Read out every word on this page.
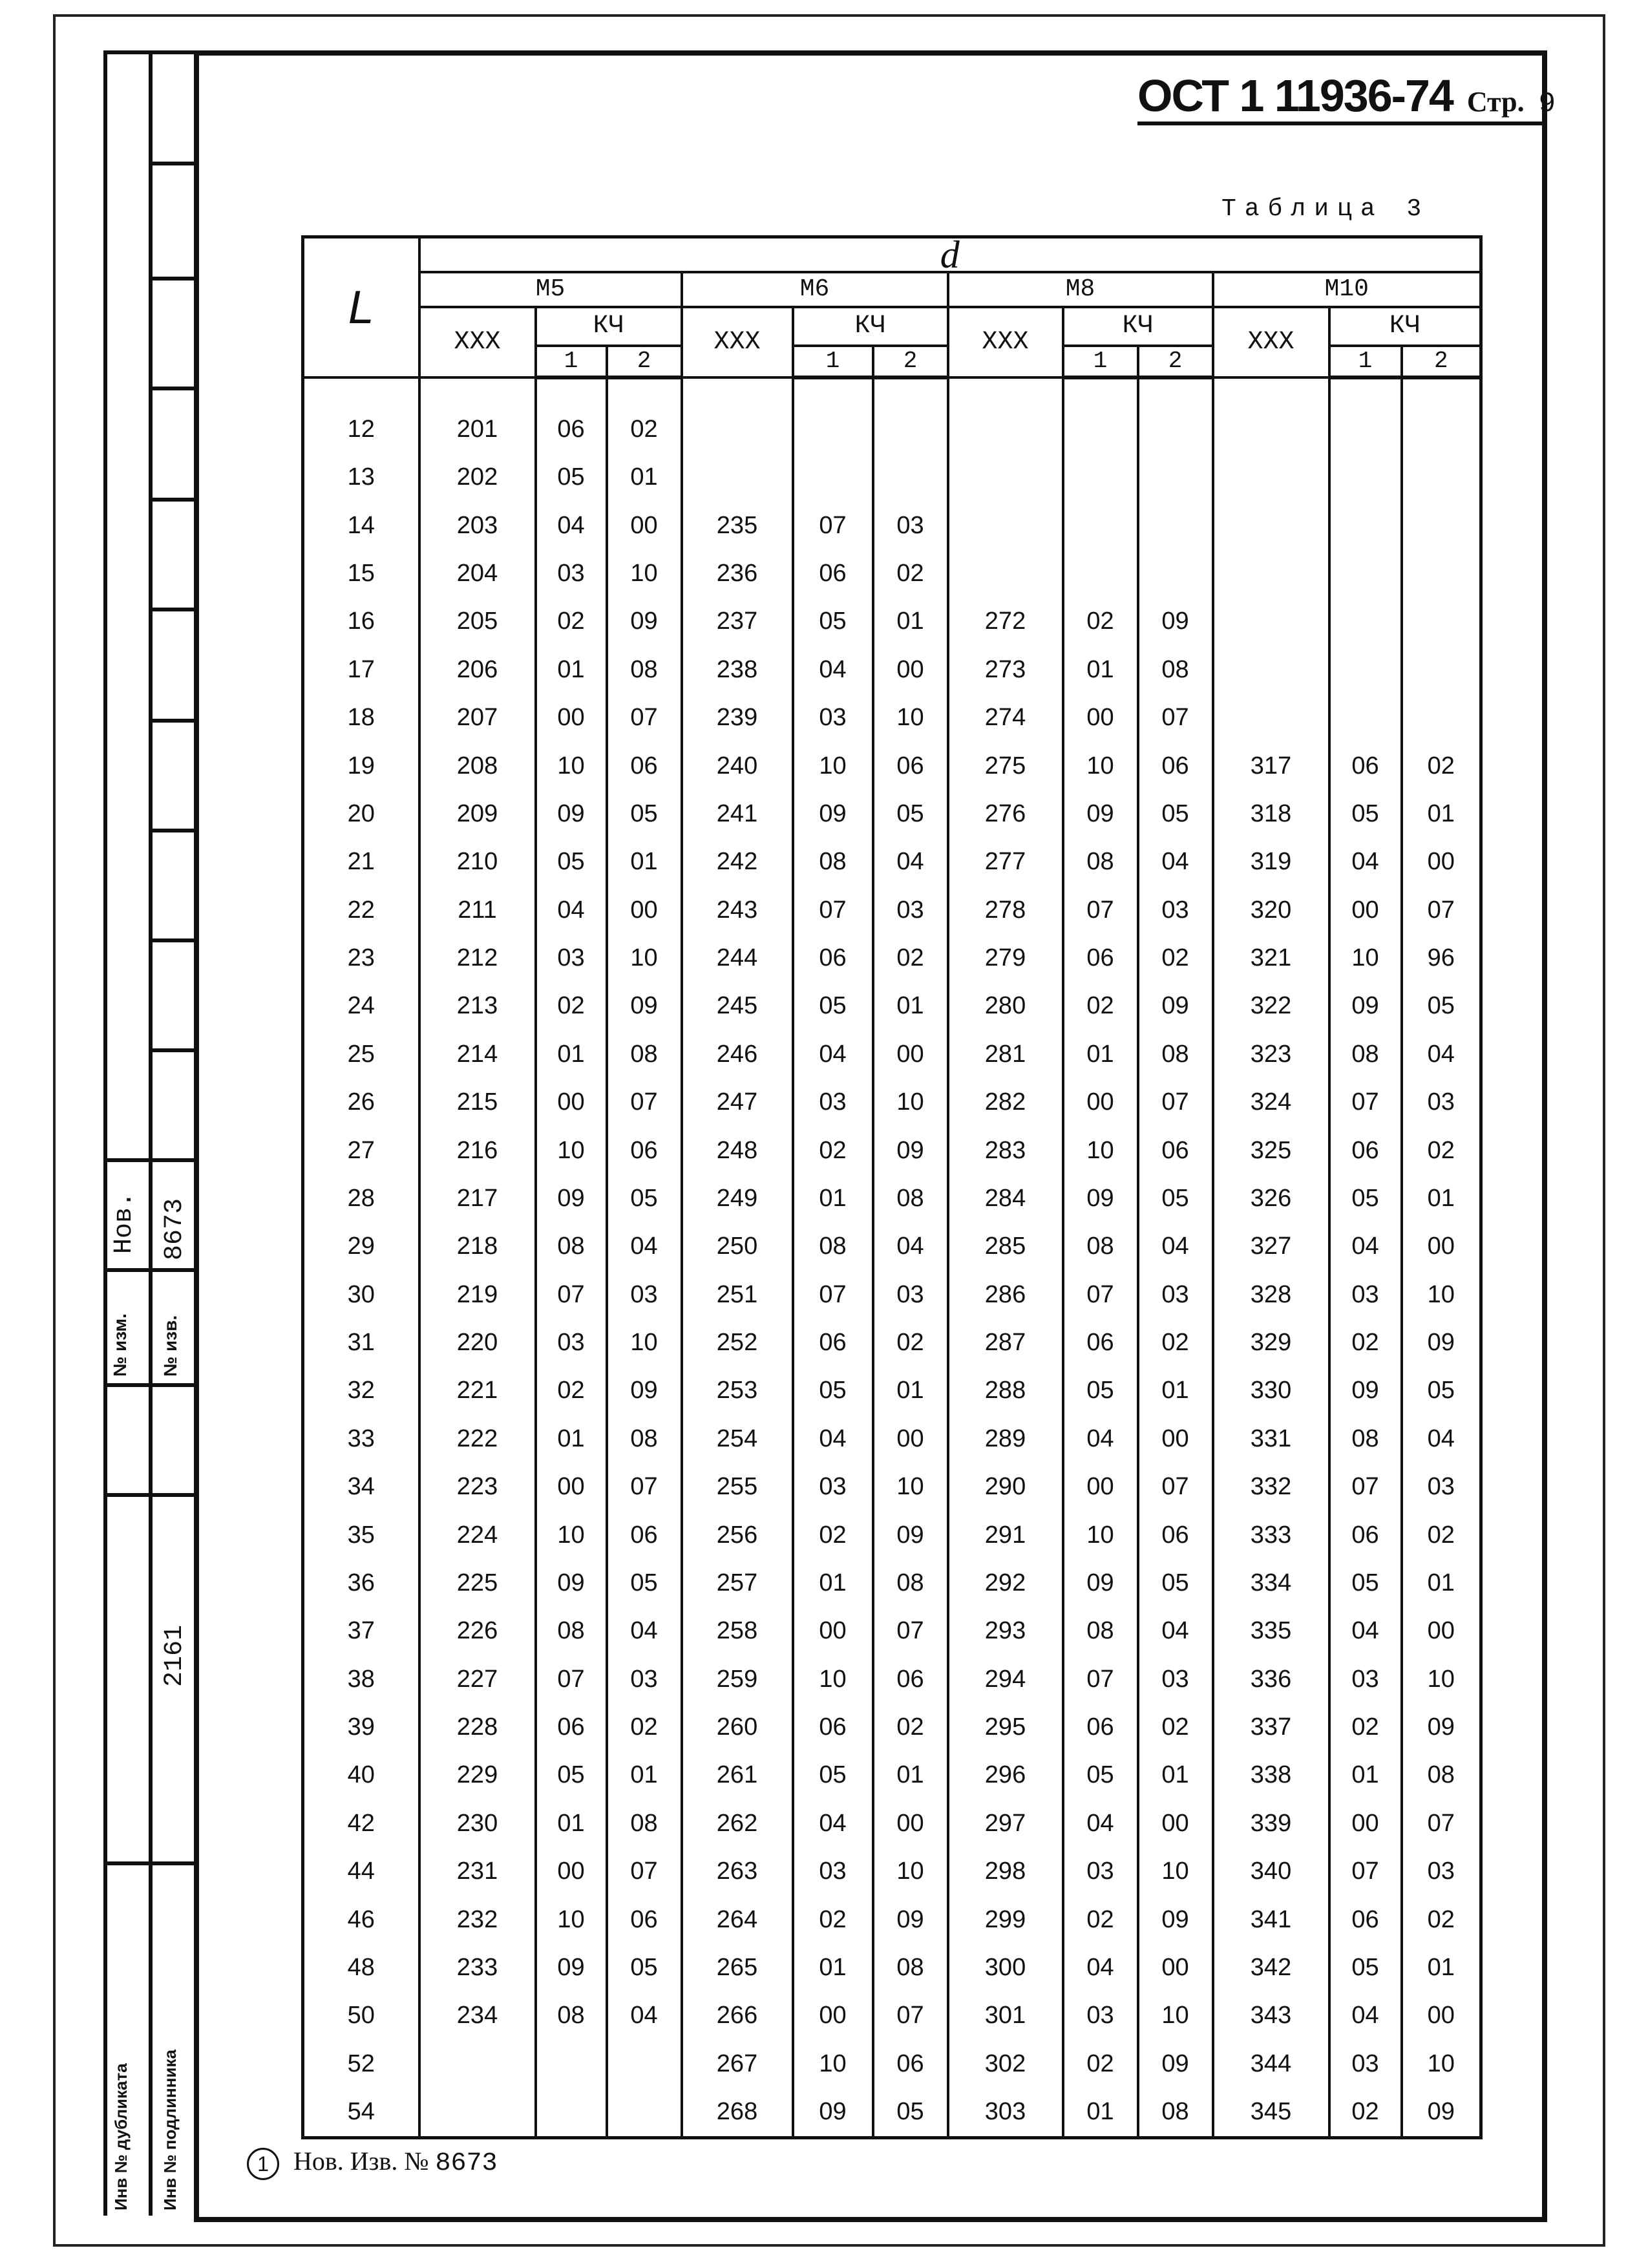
№ изм.
Нов.
№ изв.
8673
2161
Инв № дубликата Инв № подлинника
ОСТ 1 11936-74 Стр. 9
Таблица 3
L	d											
	M5			M6			M8			M10		
	XXX	КЧ		XXX	КЧ		XXX	КЧ		XXX	КЧ	
		1	2		1	2		1	2		1	2

12	201	06	02									
13	202	05	01									
14	203	04	00	235	07	03						
15	204	03	10	236	06	02						
16	205	02	09	237	05	01	272	02	09			
17	206	01	08	238	04	00	273	01	08			
18	207	00	07	239	03	10	274	00	07			
19	208	10	06	240	10	06	275	10	06	317	06	02
20	209	09	05	241	09	05	276	09	05	318	05	01
21	210	05	01	242	08	04	277	08	04	319	04	00
22	211	04	00	243	07	03	278	07	03	320	00	07
23	212	03	10	244	06	02	279	06	02	321	10	96
24	213	02	09	245	05	01	280	02	09	322	09	05
25	214	01	08	246	04	00	281	01	08	323	08	04
26	215	00	07	247	03	10	282	00	07	324	07	03
27	216	10	06	248	02	09	283	10	06	325	06	02
28	217	09	05	249	01	08	284	09	05	326	05	01
29	218	08	04	250	08	04	285	08	04	327	04	00
30	219	07	03	251	07	03	286	07	03	328	03	10
31	220	03	10	252	06	02	287	06	02	329	02	09
32	221	02	09	253	05	01	288	05	01	330	09	05
33	222	01	08	254	04	00	289	04	00	331	08	04
34	223	00	07	255	03	10	290	00	07	332	07	03
35	224	10	06	256	02	09	291	10	06	333	06	02
36	225	09	05	257	01	08	292	09	05	334	05	01
37	226	08	04	258	00	07	293	08	04	335	04	00
38	227	07	03	259	10	06	294	07	03	336	03	10
39	228	06	02	260	06	02	295	06	02	337	02	09
40	229	05	01	261	05	01	296	05	01	338	01	08
42	230	01	08	262	04	00	297	04	00	339	00	07
44	231	00	07	263	03	10	298	03	10	340	07	03
46	232	10	06	264	02	09	299	02	09	341	06	02
48	233	09	05	265	01	08	300	04	00	342	05	01
50	234	08	04	266	00	07	301	03	10	343	04	00
52				267	10	06	302	02	09	344	03	10
54				268	09	05	303	01	08	345	02	09
1 Нов. Изв. № 8673
